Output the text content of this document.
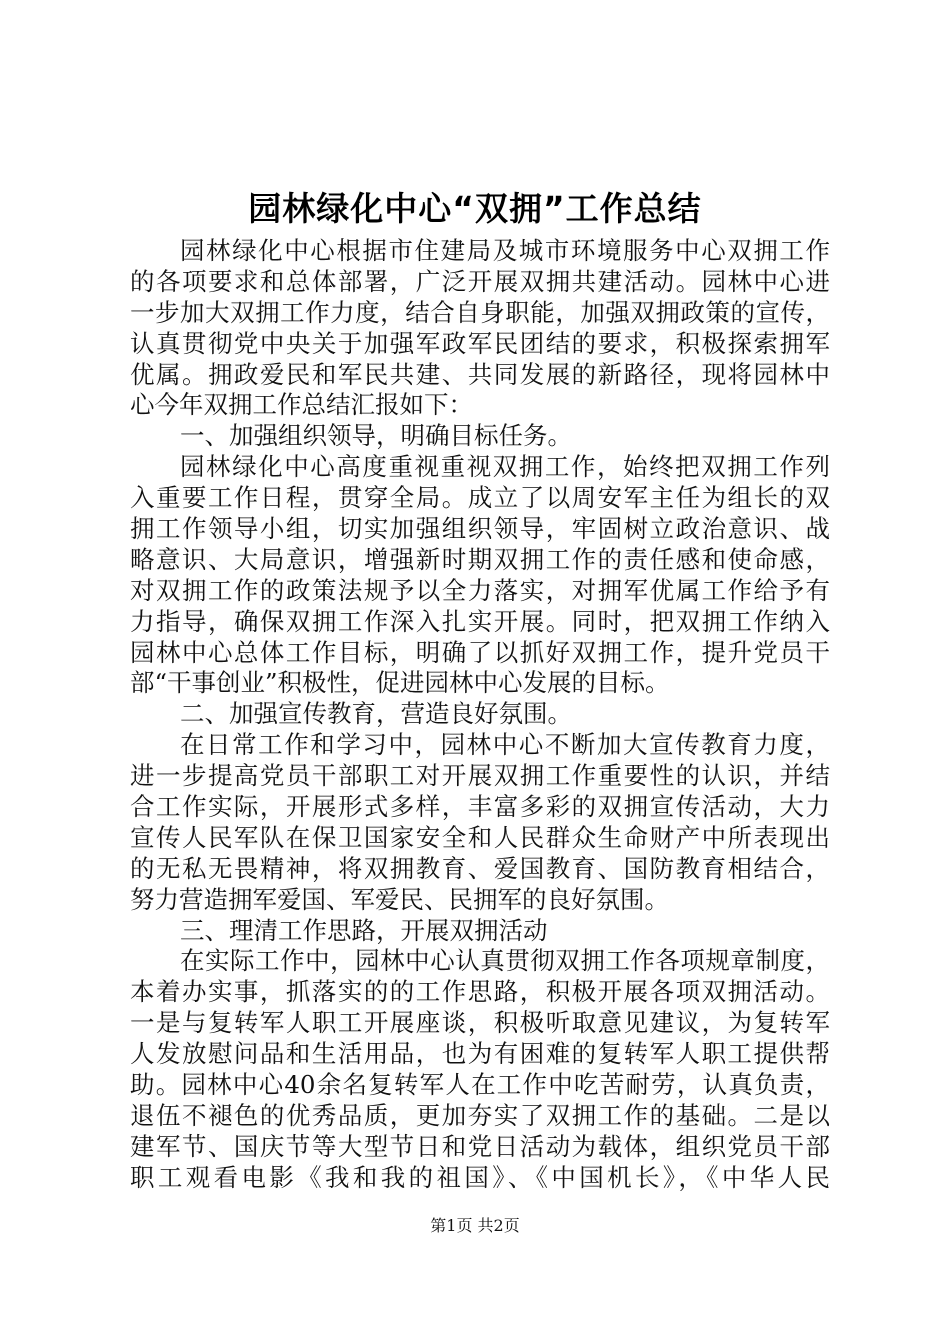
园林绿化中心“双拥”工作总结
园林绿化中心根据市住建局及城市环境服务中心双拥工作
的各项要求和总体部署，广泛开展双拥共建活动。园林中心进
一步加大双拥工作力度，结合自身职能，加强双拥政策的宣传，
认真贯彻党中央关于加强军政军民团结的要求，积极探索拥军
优属。拥政爱民和军民共建、共同发展的新路径，现将园林中
心今年双拥工作总结汇报如下：
一、加强组织领导，明确目标任务。
园林绿化中心高度重视重视双拥工作，始终把双拥工作列
入重要工作日程，贯穿全局。成立了以周安军主任为组长的双
拥工作领导小组，切实加强组织领导，牢固树立政治意识、战
略意识、大局意识，增强新时期双拥工作的责任感和使命感，
对双拥工作的政策法规予以全力落实，对拥军优属工作给予有
力指导，确保双拥工作深入扎实开展。同时，把双拥工作纳入
园林中心总体工作目标，明确了以抓好双拥工作，提升党员干
部“干事创业”积极性，促进园林中心发展的目标。
二、加强宣传教育，营造良好氛围。
在日常工作和学习中，园林中心不断加大宣传教育力度，
进一步提高党员干部职工对开展双拥工作重要性的认识，并结
合工作实际，开展形式多样，丰富多彩的双拥宣传活动，大力
宣传人民军队在保卫国家安全和人民群众生命财产中所表现出
的无私无畏精神，将双拥教育、爱国教育、国防教育相结合，
努力营造拥军爱国、军爱民、民拥军的良好氛围。
三、理清工作思路，开展双拥活动
在实际工作中，园林中心认真贯彻双拥工作各项规章制度，
本着办实事，抓落实的的工作思路，积极开展各项双拥活动。
一是与复转军人职工开展座谈，积极听取意见建议，为复转军
人发放慰问品和生活用品，也为有困难的复转军人职工提供帮
助。园林中心40余名复转军人在工作中吃苦耐劳，认真负责，
退伍不褪色的优秀品质，更加夯实了双拥工作的基础。二是以
建军节、国庆节等大型节日和党日活动为载体，组织党员干部
职工观看电影《我和我的祖国》、《中国机长》，《中华人民
第1页 共2页
